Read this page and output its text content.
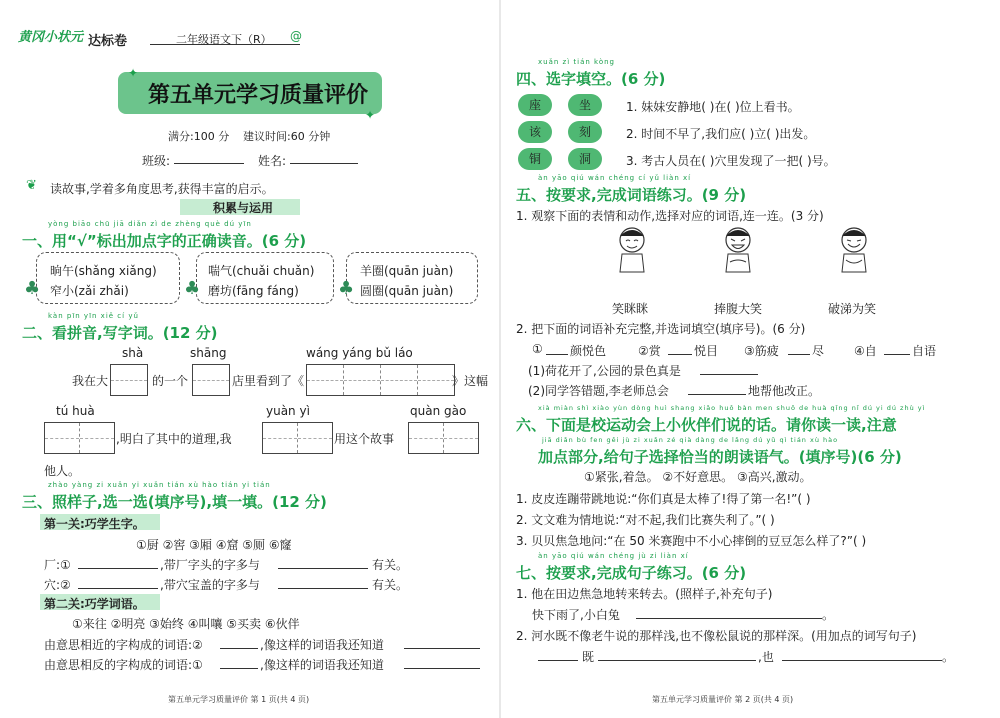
黄冈小状元 达标卷	二年级语文下（R） @
第五单元学习质量评价
✦
✦
满分:100 分 建议时间:60 分钟
班级:	姓名:
❦ 读故事,学着多角度思考,获得丰富的启示。
积累与运用
yòng biāo chū jiā diǎn zì de zhèng què dú yīn
一、用“√”标出加点字的正确读音。(6 分)
晌午(shǎng xiǎng)
窄小(zǎi zhǎi)
♣
喘气(chuǎi chuǎn)
磨坊(fāng fáng)
♣
羊圈(quān juàn)
圆圈(quān juàn)
♣
kàn pīn yīn xiě cí yǔ
二、看拼音,写字词。(12 分)
shà	shāng	wáng yáng bǔ láo
我在大	的一个	店里看到了《	》这幅
tú huà	yuàn yì	quàn gào
,明白了其中的道理,我	用这个故事
他人。
zhào yàng zi xuǎn yi xuǎn tián xù hào tián yi tián
三、照样子,选一选(填序号),填一填。(12 分)
第一关:巧学生字。
①厨 ②窖 ③厢 ④窟 ⑤厕 ⑥窿
厂:①	,带厂字头的字多与	有关。
穴:②	,带穴宝盖的字多与	有关。
第二关:巧学词语。
①来往 ②明亮 ③始终 ④叫嚷 ⑤买卖 ⑥伙伴
由意思相近的字构成的词语:②	,像这样的词语我还知道
由意思相反的字构成的词语:①	,像这样的词语我还知道
第五单元学习质量评价 第 1 页(共 4 页)
xuǎn zì tián kòng
四、选字填空。(6 分)
座	坐	1. 妹妹安静地( )在( )位上看书。
该	刻	2. 时间不早了,我们应( )立( )出发。
铜	洞	3. 考古人员在( )穴里发现了一把( )号。
àn yāo qiú wán chéng cí yǔ liàn xí
五、按要求,完成词语练习。(9 分)
1. 观察下面的表情和动作,选择对应的词语,连一连。(3 分)
笑眯眯	捧腹大笑	破涕为笑
2. 把下面的词语补充完整,并选词填空(填序号)。(6 分)
① 颜悦色	②赏	悦目 ③筋疲	尽 ④自	自语
(1)荷花开了,公园的景色真是
(2)同学答错题,李老师总会	地帮他改正。
xià miàn shì xiào yùn dòng huì shang xiǎo huǒ bàn men shuō de huà qǐng nǐ dú yi dú zhù yì
六、下面是校运动会上小伙伴们说的话。请你读一读,注意
jiā diǎn bù fen gěi jù zi xuǎn zé qià dàng de lǎng dú yǔ qì tián xù hào
加点部分,给句子选择恰当的朗读语气。(填序号)(6 分)
①紧张,着急。 ②不好意思。 ③高兴,激动。
1. 皮皮连蹦带跳地说:“你们真是太棒了!得了第一名!”( )
2. 文文难为情地说:“对不起,我们比赛失利了。”( )
3. 贝贝焦急地问:“在 50 米赛跑中不小心摔倒的豆豆怎么样了?”( )
àn yāo qiú wán chéng jù zi liàn xí
七、按要求,完成句子练习。(6 分)
1. 他在田边焦急地转来转去。(照样子,补充句子)
快下雨了,小白兔	。
2. 河水既不像老牛说的那样浅,也不像松鼠说的那样深。(用加点的词写句子)
既	,也	。
第五单元学习质量评价 第 2 页(共 4 页)
